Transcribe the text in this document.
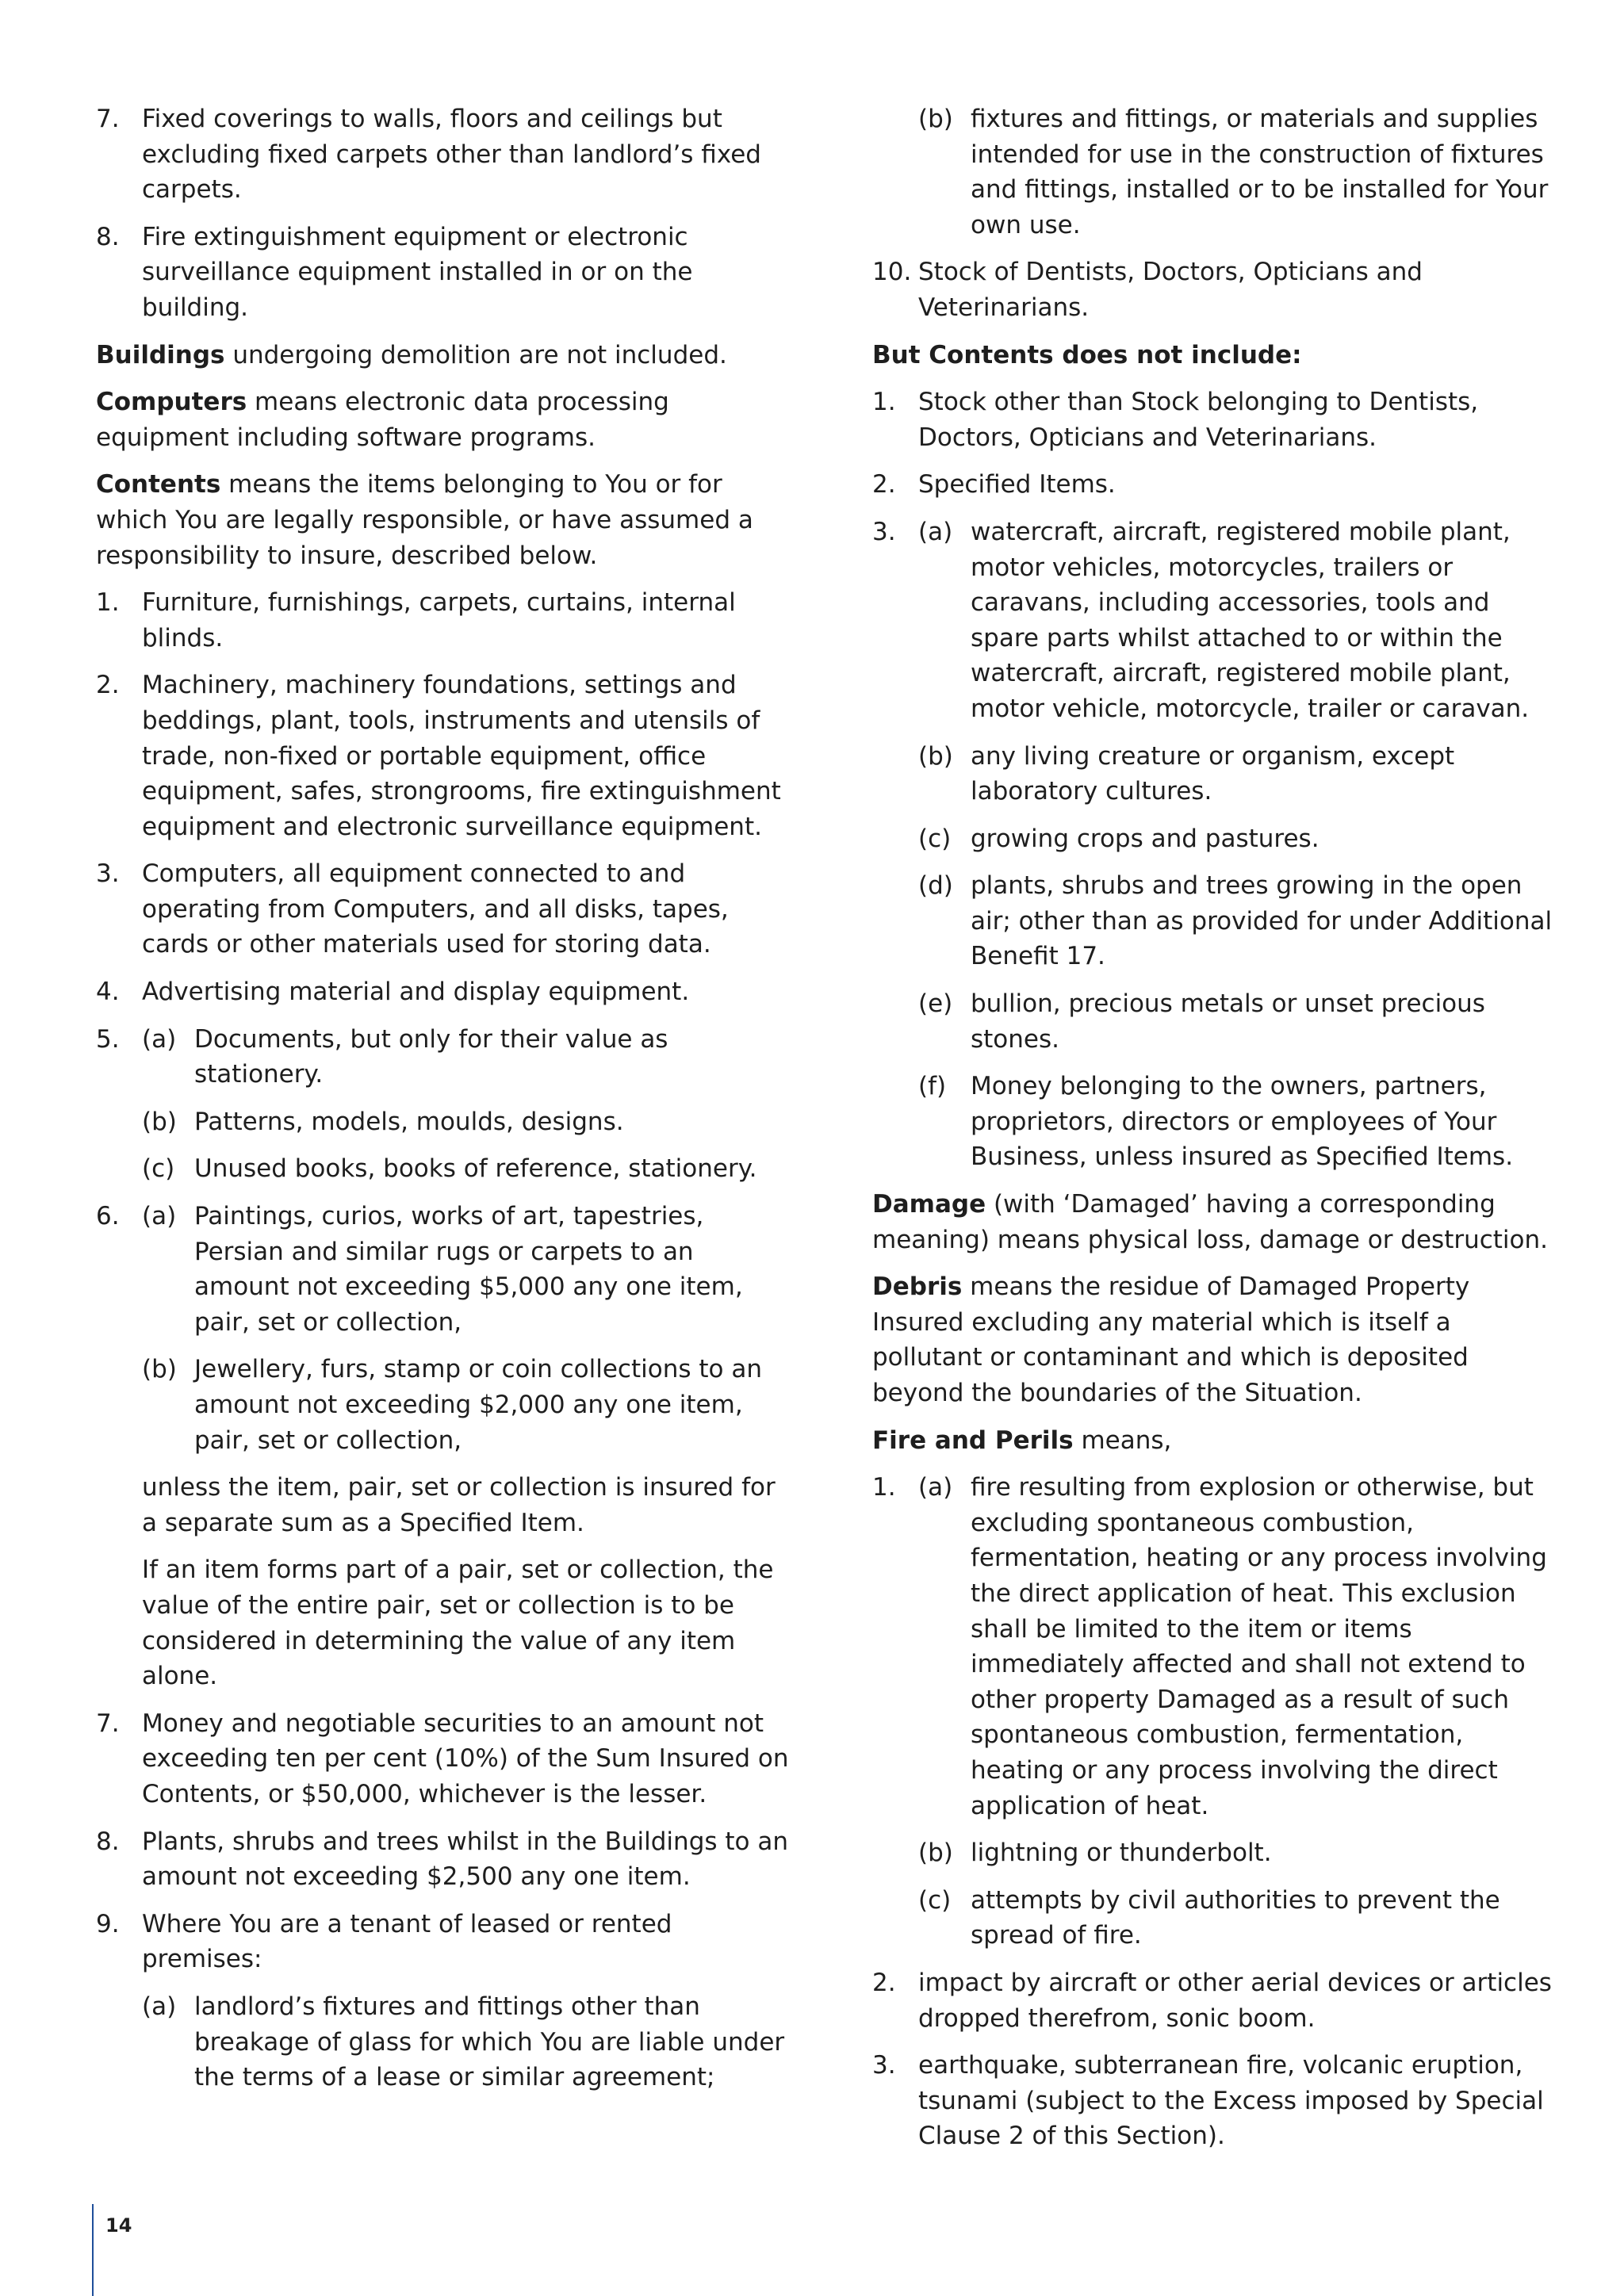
7. Fixed coverings to walls, floors and ceilings but excluding fixed carpets other than landlord’s fixed carpets.
8. Fire extinguishment equipment or electronic surveillance equipment installed in or on the building.

Buildings undergoing demolition are not included.

Computers means electronic data processing equipment including software programs.

Contents means the items belonging to You or for which You are legally responsible, or have assumed a responsibility to insure, described below.

1. Furniture, furnishings, carpets, curtains, internal blinds.
2. Machinery, machinery foundations, settings and beddings, plant, tools, instruments and utensils of trade, non-fixed or portable equipment, office equipment, safes, strongrooms, fire extinguishment equipment and electronic surveillance equipment.
3. Computers, all equipment connected to and operating from Computers, and all disks, tapes, cards or other materials used for storing data.
4. Advertising material and display equipment.
5. (a) Documents, but only for their value as stationery.
(b) Patterns, models, moulds, designs.
(c) Unused books, books of reference, stationery.
6. (a) Paintings, curios, works of art, tapestries, Persian and similar rugs or carpets to an amount not exceeding $5,000 any one item, pair, set or collection,
(b) Jewellery, furs, stamp or coin collections to an amount not exceeding $2,000 any one item, pair, set or collection,

unless the item, pair, set or collection is insured for a separate sum as a Specified Item.

If an item forms part of a pair, set or collection, the value of the entire pair, set or collection is to be considered in determining the value of any item alone.

7. Money and negotiable securities to an amount not exceeding ten per cent (10%) of the Sum Insured on Contents, or $50,000, whichever is the lesser.
8. Plants, shrubs and trees whilst in the Buildings to an amount not exceeding $2,500 any one item.
9. Where You are a tenant of leased or rented premises:

(a) landlord’s fixtures and fittings other than breakage of glass for which You are liable under the terms of a lease or similar agreement;
(b) fixtures and fittings, or materials and supplies intended for use in the construction of fixtures and fittings, installed or to be installed for Your own use.
10. Stock of Dentists, Doctors, Opticians and Veterinarians.

But Contents does not include:

1. Stock other than Stock belonging to Dentists, Doctors, Opticians and Veterinarians.
2. Specified Items.
3. (a) watercraft, aircraft, registered mobile plant, motor vehicles, motorcycles, trailers or caravans, including accessories, tools and spare parts whilst attached to or within the watercraft, aircraft, registered mobile plant, motor vehicle, motorcycle, trailer or caravan.
(b) any living creature or organism, except laboratory cultures.
(c) growing crops and pastures.
(d) plants, shrubs and trees growing in the open air; other than as provided for under Additional Benefit 17.
(e) bullion, precious metals or unset precious stones.
(f) Money belonging to the owners, partners, proprietors, directors or employees of Your Business, unless insured as Specified Items.

Damage (with ‘Damaged’ having a corresponding meaning) means physical loss, damage or destruction.

Debris means the residue of Damaged Property Insured excluding any material which is itself a pollutant or contaminant and which is deposited beyond the boundaries of the Situation.

Fire and Perils means,

1. (a) fire resulting from explosion or otherwise, but excluding spontaneous combustion, fermentation, heating or any process involving the direct application of heat. This exclusion shall be limited to the item or items immediately affected and shall not extend to other property Damaged as a result of such spontaneous combustion, fermentation, heating or any process involving the direct application of heat.
(b) lightning or thunderbolt.
(c) attempts by civil authorities to prevent the spread of fire.
2. impact by aircraft or other aerial devices or articles dropped therefrom, sonic boom.
3. earthquake, subterranean fire, volcanic eruption, tsunami (subject to the Excess imposed by Special Clause 2 of this Section).
14
